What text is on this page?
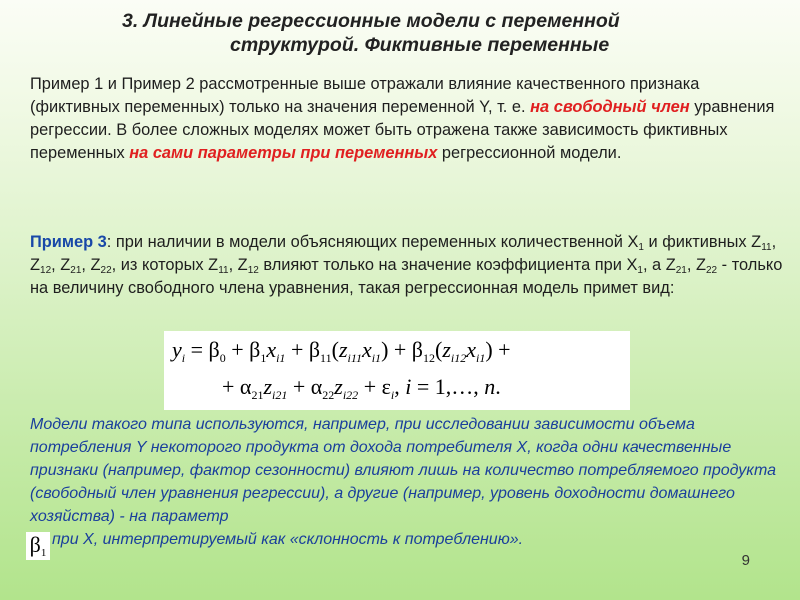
3. Линейные регрессионные модели с переменной
структурой. Фиктивные переменные
Пример 1 и Пример 2 рассмотренные выше отражали влияние качественного признака (фиктивных переменных) только на значения переменной Y, т. е. на свободный член уравнения регрессии. В более сложных моделях может быть отражена также зависимость фиктивных переменных на сами параметры при переменных регрессионной модели.
Пример 3: при наличии в модели объясняющих переменных количественной $X_1$ и фиктивных $Z_{11}$, $Z_{12}$, $Z_{21}$, $Z_{22}$, из которых $Z_{11}$, $Z_{12}$ влияют только на значение коэффициента при $X_1$, а $Z_{21}$, $Z_{22}$ - только на величину свободного члена уравнения, такая регрессионная модель примет вид:
$y_i = \beta_0 + \beta_1x_{i1} + \beta_{11}(z_{i11}x_{i1}) + \beta_{12}(z_{i12}x_{i1})$ +
+ $\alpha_{21}z_{i21} + \alpha_{22}z_{i22} + \varepsilon_i$, i = 1,…, n.
Модели такого типа используются, например, при исследовании зависимости объема потребления Y некоторого продукта от дохода потребителя X, когда одни качественные признаки (например, фактор сезонности) влияют лишь на количество потребляемого продукта (свободный член уравнения регрессии), а другие (например, уровень доходности домашнего хозяйства) - на параметр
$\beta_1$
при X, интерпретируемый как «склонность к потреблению».
9
